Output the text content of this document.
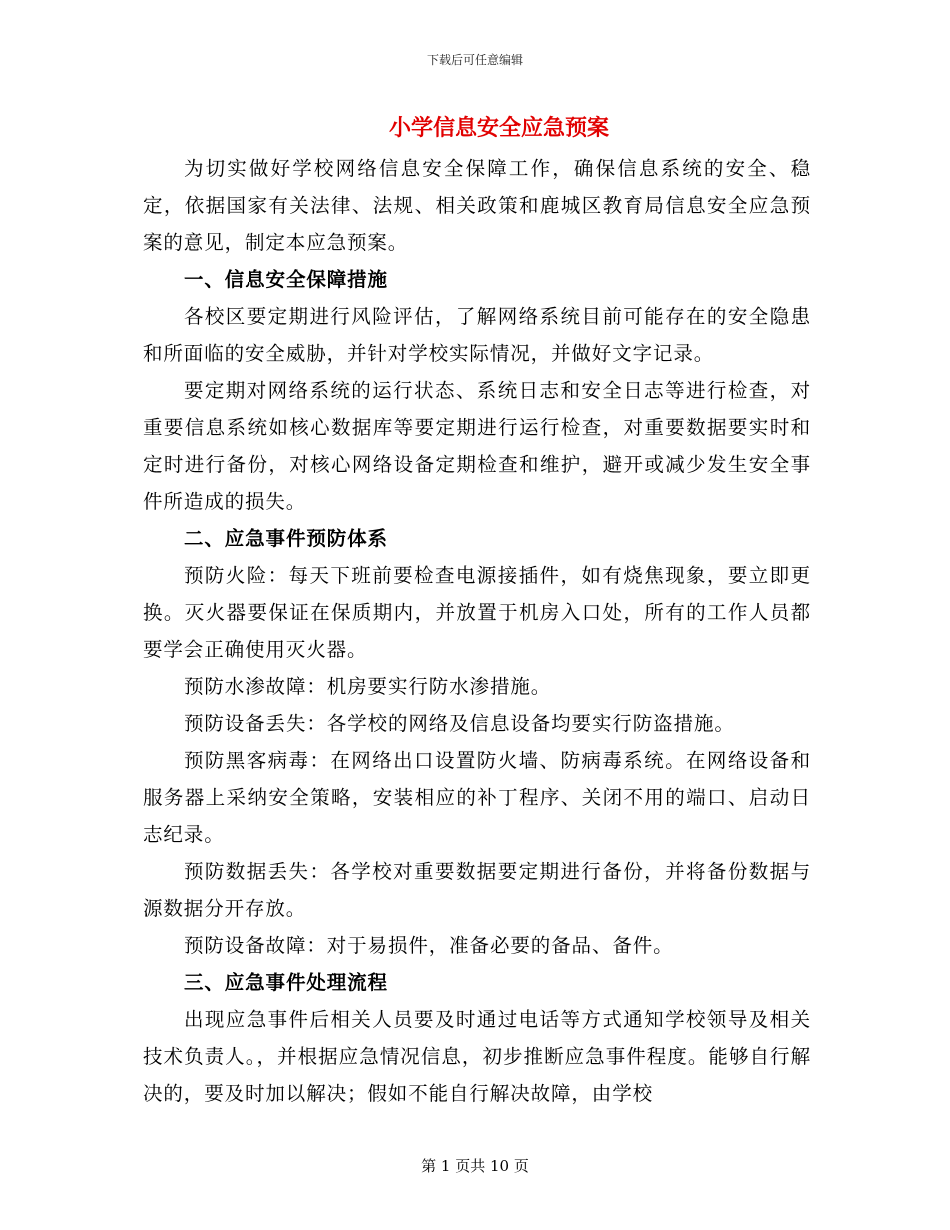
下载后可任意编辑
小学信息安全应急预案

为切实做好学校网络信息安全保障工作，确保信息系统的安全、稳定，依据国家有关法律、法规、相关政策和鹿城区教育局信息安全应急预案的意见，制定本应急预案。

一、信息安全保障措施

各校区要定期进行风险评估，了解网络系统目前可能存在的安全隐患和所面临的安全威胁，并针对学校实际情况，并做好文字记录。

要定期对网络系统的运行状态、系统日志和安全日志等进行检查，对重要信息系统如核心数据库等要定期进行运行检查，对重要数据要实时和定时进行备份，对核心网络设备定期检查和维护，避开或减少发生安全事件所造成的损失。

二、应急事件预防体系

预防火险：每天下班前要检查电源接插件，如有烧焦现象，要立即更换。灭火器要保证在保质期内，并放置于机房入口处，所有的工作人员都要学会正确使用灭火器。

预防水渗故障：机房要实行防水渗措施。

预防设备丢失：各学校的网络及信息设备均要实行防盗措施。

预防黑客病毒：在网络出口设置防火墙、防病毒系统。在网络设备和服务器上采纳安全策略，安装相应的补丁程序、关闭不用的端口、启动日志纪录。

预防数据丢失：各学校对重要数据要定期进行备份，并将备份数据与源数据分开存放。

预防设备故障：对于易损件，准备必要的备品、备件。

三、应急事件处理流程

出现应急事件后相关人员要及时通过电话等方式通知学校领导及相关技术负责人。，并根据应急情况信息，初步推断应急事件程度。能够自行解决的，要及时加以解决；假如不能自行解决故障，由学校

第 1 页共 10 页
